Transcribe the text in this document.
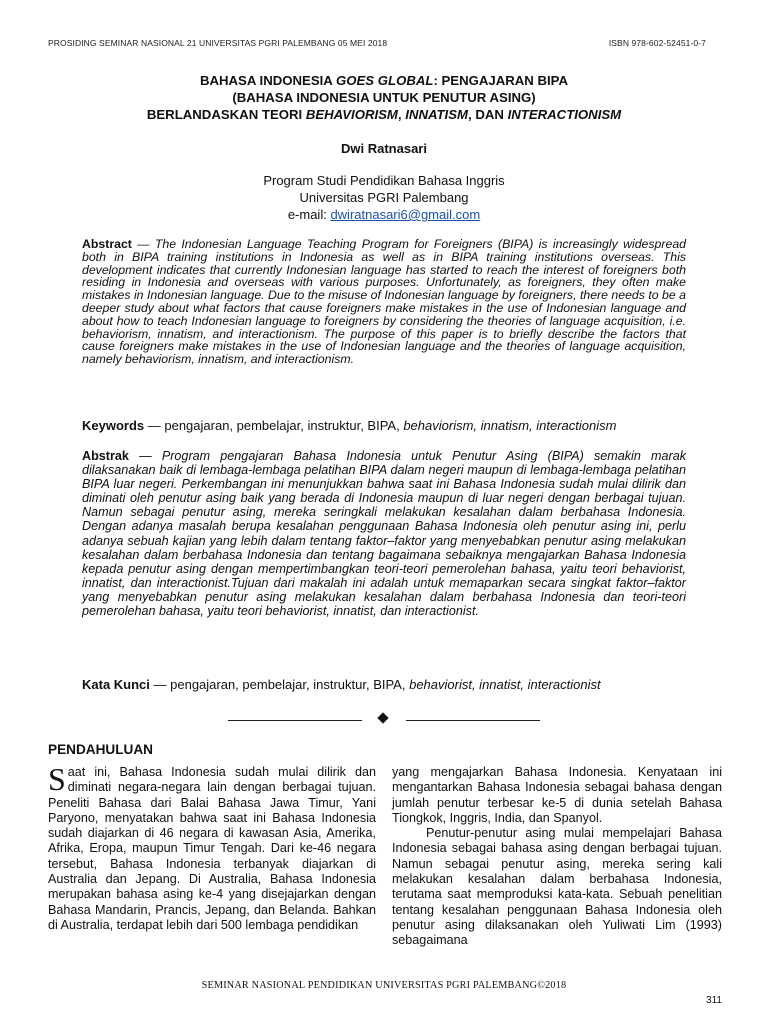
PROSIDING SEMINAR NASIONAL 21 UNIVERSITAS PGRI PALEMBANG 05 MEI 2018	ISBN 978-602-52451-0-7
BAHASA INDONESIA GOES GLOBAL: PENGAJARAN BIPA
(BAHASA INDONESIA UNTUK PENUTUR ASING)
BERLANDASKAN TEORI BEHAVIORISM, INNATISM, DAN INTERACTIONISM
Dwi Ratnasari
Program Studi Pendidikan Bahasa Inggris
Universitas PGRI Palembang
e-mail: dwiratnasari6@gmail.com
Abstract — The Indonesian Language Teaching Program for Foreigners (BIPA) is increasingly widespread both in BIPA training institutions in Indonesia as well as in BIPA training institutions overseas. This development indicates that currently Indonesian language has started to reach the interest of foreigners both residing in Indonesia and overseas with various purposes. Unfortunately, as foreigners, they often make mistakes in Indonesian language. Due to the misuse of Indonesian language by foreigners, there needs to be a deeper study about what factors that cause foreigners make mistakes in the use of Indonesian language and about how to teach Indonesian language to foreigners by considering the theories of language acquisition, i.e. behaviorism, innatism, and interactionism. The purpose of this paper is to briefly describe the factors that cause foreigners make mistakes in the use of Indonesian language and the theories of language acquisition, namely behaviorism, innatism, and interactionism.
Keywords — pengajaran, pembelajar, instruktur, BIPA, behaviorism, innatism, interactionism
Abstrak — Program pengajaran Bahasa Indonesia untuk Penutur Asing (BIPA) semakin marak dilaksanakan baik di lembaga-lembaga pelatihan BIPA dalam negeri maupun di lembaga-lembaga pelatihan BIPA luar negeri. Perkembangan ini menunjukkan bahwa saat ini Bahasa Indonesia sudah mulai dilirik dan diminati oleh penutur asing baik yang berada di Indonesia maupun di luar negeri dengan berbagai tujuan. Namun sebagai penutur asing, mereka seringkali melakukan kesalahan dalam berbahasa Indonesia. Dengan adanya masalah berupa kesalahan penggunaan Bahasa Indonesia oleh penutur asing ini, perlu adanya sebuah kajian yang lebih dalam tentang faktor–faktor yang menyebabkan penutur asing melakukan kesalahan dalam berbahasa Indonesia dan tentang bagaimana sebaiknya mengajarkan Bahasa Indonesia kepada penutur asing dengan mempertimbangkan teori-teori pemerolehan bahasa, yaitu teori behaviorist, innatist, dan interactionist.Tujuan dari makalah ini adalah untuk memaparkan secara singkat faktor–faktor yang menyebabkan penutur asing melakukan kesalahan dalam berbahasa Indonesia dan teori-teori pemerolehan bahasa, yaitu teori behaviorist, innatist, dan interactionist.
Kata Kunci — pengajaran, pembelajar, instruktur, BIPA, behaviorist, innatist, interactionist
PENDAHULUAN
Saat ini, Bahasa Indonesia sudah mulai dilirik dan diminati negara-negara lain dengan berbagai tujuan. Peneliti Bahasa dari Balai Bahasa Jawa Timur, Yani Paryono, menyatakan bahwa saat ini Bahasa Indonesia sudah diajarkan di 46 negara di kawasan Asia, Amerika, Afrika, Eropa, maupun Timur Tengah. Dari ke-46 negara tersebut, Bahasa Indonesia terbanyak diajarkan di Australia dan Jepang. Di Australia, Bahasa Indonesia merupakan bahasa asing ke-4 yang disejajarkan dengan Bahasa Mandarin, Prancis, Jepang, dan Belanda. Bahkan di Australia, terdapat lebih dari 500 lembaga pendidikan
yang mengajarkan Bahasa Indonesia. Kenyataan ini mengantarkan Bahasa Indonesia sebagai bahasa dengan jumlah penutur terbesar ke-5 di dunia setelah Bahasa Tiongkok, Inggris, India, dan Spanyol.
Penutur-penutur asing mulai mempelajari Bahasa Indonesia sebagai bahasa asing dengan berbagai tujuan. Namun sebagai penutur asing, mereka sering kali melakukan kesalahan dalam berbahasa Indonesia, terutama saat memproduksi kata-kata. Sebuah penelitian tentang kesalahan penggunaan Bahasa Indonesia oleh penutur asing dilaksanakan oleh Yuliwati Lim (1993) sebagaimana
SEMINAR NASIONAL PENDIDIKAN UNIVERSITAS PGRI PALEMBANG©2018
311
